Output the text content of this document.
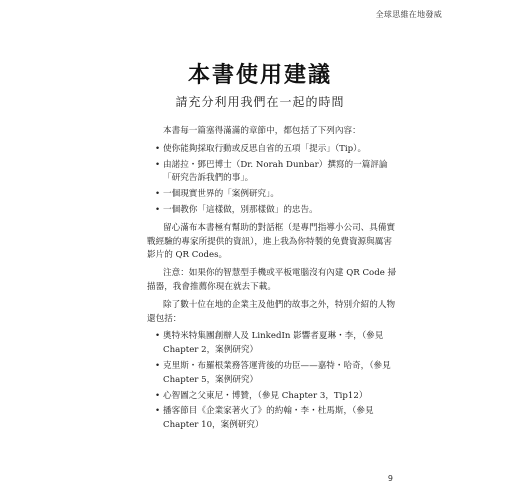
全球思維在地發威
本書使用建議
請充分利用我們在一起的時間

本書每一篇塞得滿滿的章節中，都包括了下列內容：

• 使你能夠採取行動或反思自省的五項「提示」（Tip）。
• 由諾拉・鄧巴博士（Dr. Norah Dunbar）撰寫的一篇評論「研究告訴我們的事」。
• 一個現實世界的「案例研究」。
• 一個教你「這樣做，別那樣做」的忠告。

留心滿布本書極有幫助的對話框（是專門指導小公司、具備實戰經驗的專家所提供的資訊），進上我為你特製的免費資源與厲害影片的 QR Codes。

注意：如果你的智慧型手機或平板電腦沒有內建 QR Code 掃描器，我會推薦你現在就去下載。

除了數十位在地的企業主及他們的故事之外，特別介紹的人物還包括：

• 奧特米特集團創辦人及 LinkedIn 影響者夏琳・李，（參見 Chapter 2，案例研究）
• 克里斯・布羅根業務答運背後的功臣——嘉特・哈奇，（參見 Chapter 5，案例研究）
• 心智圖之父東尼・博贊，（參見 Chapter 3，Tip12）
• 播客節目《企業家著火了》的約翰・李・杜馬斯，（參見 Chapter 10，案例研究）
9
